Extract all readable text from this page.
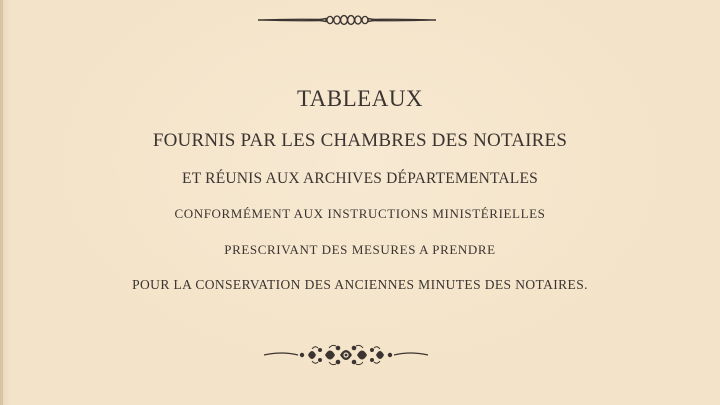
TABLEAUX
FOURNIS PAR LES CHAMBRES DES NOTAIRES
ET RÉUNIS AUX ARCHIVES DÉPARTEMENTALES
CONFORMÉMENT AUX INSTRUCTIONS MINISTÉRIELLES
PRESCRIVANT DES MESURES A PRENDRE
POUR LA CONSERVATION DES ANCIENNES MINUTES DES NOTAIRES.
